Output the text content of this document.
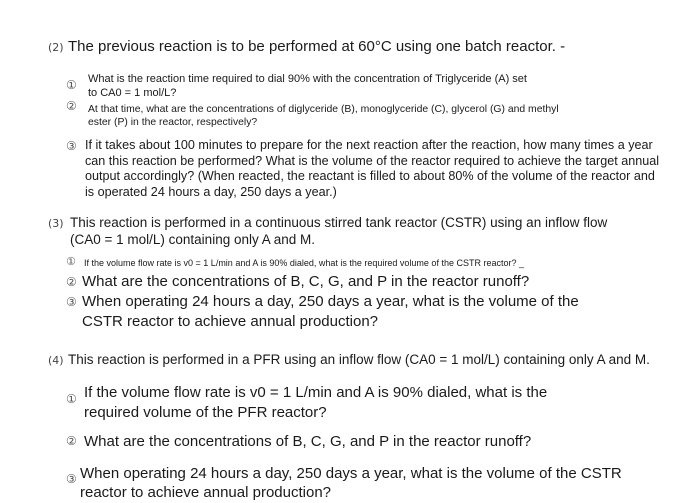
(2) The previous reaction is to be performed at 60°C using one batch reactor. -
① What is the reaction time required to dial 90% with the concentration of Triglyceride (A) set
to CA0 = 1 mol/L?
② At that time, what are the concentrations of diglyceride (B), monoglyceride (C), glycerol (G) and methyl
ester (P) in the reactor, respectively?
③ If it takes about 100 minutes to prepare for the next reaction after the reaction, how many times a year
can this reaction be performed? What is the volume of the reactor required to achieve the target annual
output accordingly? (When reacted, the reactant is filled to about 80% of the volume of the reactor and
is operated 24 hours a day, 250 days a year.)
(3) This reaction is performed in a continuous stirred tank reactor (CSTR) using an inflow flow
(CA0 = 1 mol/L) containing only A and M.
① If the volume flow rate is v0 = 1 L/min and A is 90% dialed, what is the required volume of the CSTR reactor? _
② What are the concentrations of B, C, G, and P in the reactor runoff?
③ When operating 24 hours a day, 250 days a year, what is the volume of the
CSTR reactor to achieve annual production?
(4) This reaction is performed in a PFR using an inflow flow (CA0 = 1 mol/L) containing only A and M.
① If the volume flow rate is v0 = 1 L/min and A is 90% dialed, what is the
required volume of the PFR reactor?
② What are the concentrations of B, C, G, and P in the reactor runoff?
③ When operating 24 hours a day, 250 days a year, what is the volume of the CSTR
reactor to achieve annual production?
